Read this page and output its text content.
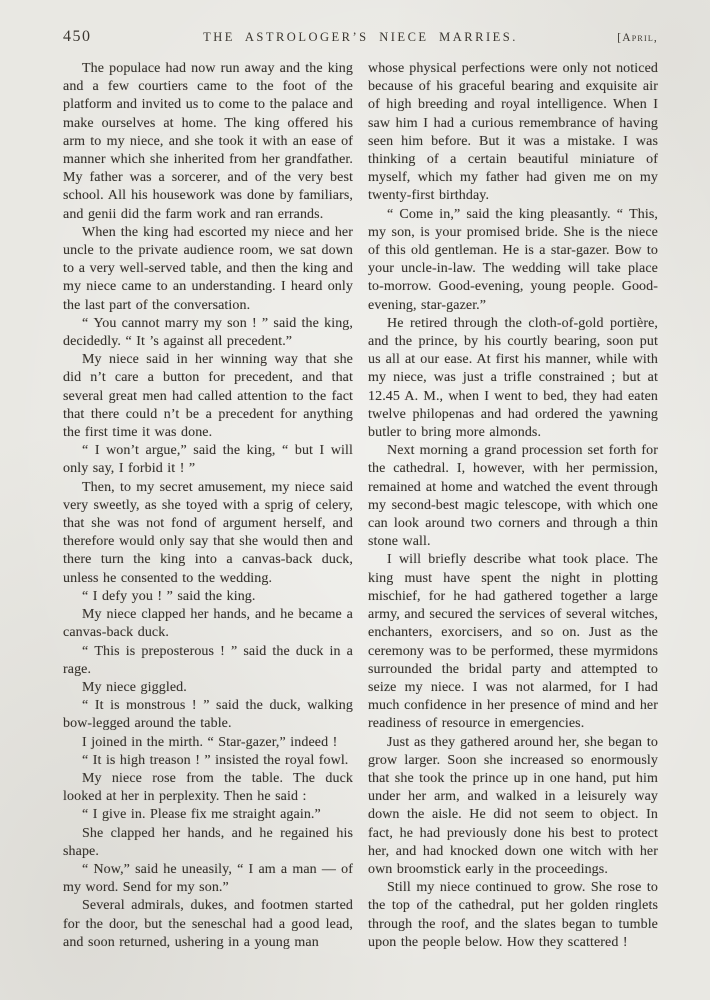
450	THE ASTROLOGER’S NIECE MARRIES.	[April,

The populace had now run away and the king and a few courtiers came to the foot of the platform and invited us to come to the palace and make ourselves at home. The king offered his arm to my niece, and she took it with an ease of manner which she inherited from her grandfather. My father was a sorcerer, and of the very best school. All his housework was done by familiars, and genii did the farm work and ran errands.

When the king had escorted my niece and her uncle to the private audience room, we sat down to a very well-served table, and then the king and my niece came to an understanding. I heard only the last part of the conversation.

“ You cannot marry my son ! ” said the king, decidedly. “ It ’s against all precedent.”

My niece said in her winning way that she did n’t care a button for precedent, and that several great men had called attention to the fact that there could n’t be a precedent for anything the first time it was done.

“ I won’t argue,” said the king, “ but I will only say, I forbid it ! ”

Then, to my secret amusement, my niece said very sweetly, as she toyed with a sprig of celery, that she was not fond of argument herself, and therefore would only say that she would then and there turn the king into a canvas-back duck, unless he consented to the wedding.

“ I defy you ! ” said the king.

My niece clapped her hands, and he became a canvas-back duck.

“ This is preposterous ! ” said the duck in a rage.

My niece giggled.

“ It is monstrous ! ” said the duck, walking bow-legged around the table.

I joined in the mirth. “ Star-gazer,” indeed !

“ It is high treason ! ” insisted the royal fowl.

My niece rose from the table. The duck looked at her in perplexity. Then he said :

“ I give in. Please fix me straight again.”

She clapped her hands, and he regained his shape.

“ Now,” said he uneasily, “ I am a man — of my word. Send for my son.”

Several admirals, dukes, and footmen started for the door, but the seneschal had a good lead, and soon returned, ushering in a young man

whose physical perfections were only not noticed because of his graceful bearing and exquisite air of high breeding and royal intelligence. When I saw him I had a curious remembrance of having seen him before. But it was a mistake. I was thinking of a certain beautiful miniature of myself, which my father had given me on my twenty-first birthday.

“ Come in,” said the king pleasantly. “ This, my son, is your promised bride. She is the niece of this old gentleman. He is a star-gazer. Bow to your uncle-in-law. The wedding will take place to-morrow. Good-evening, young people. Good-evening, star-gazer.”

He retired through the cloth-of-gold portière, and the prince, by his courtly bearing, soon put us all at our ease. At first his manner, while with my niece, was just a trifle constrained ; but at 12.45 A. M., when I went to bed, they had eaten twelve philopenas and had ordered the yawning butler to bring more almonds.

Next morning a grand procession set forth for the cathedral. I, however, with her permission, remained at home and watched the event through my second-best magic telescope, with which one can look around two corners and through a thin stone wall.

I will briefly describe what took place. The king must have spent the night in plotting mischief, for he had gathered together a large army, and secured the services of several witches, enchanters, exorcisers, and so on. Just as the ceremony was to be performed, these myrmidons surrounded the bridal party and attempted to seize my niece. I was not alarmed, for I had much confidence in her presence of mind and her readiness of resource in emergencies.

Just as they gathered around her, she began to grow larger. Soon she increased so enormously that she took the prince up in one hand, put him under her arm, and walked in a leisurely way down the aisle. He did not seem to object. In fact, he had previously done his best to protect her, and had knocked down one witch with her own broomstick early in the proceedings.

Still my niece continued to grow. She rose to the top of the cathedral, put her golden ringlets through the roof, and the slates began to tumble upon the people below. How they scattered !
